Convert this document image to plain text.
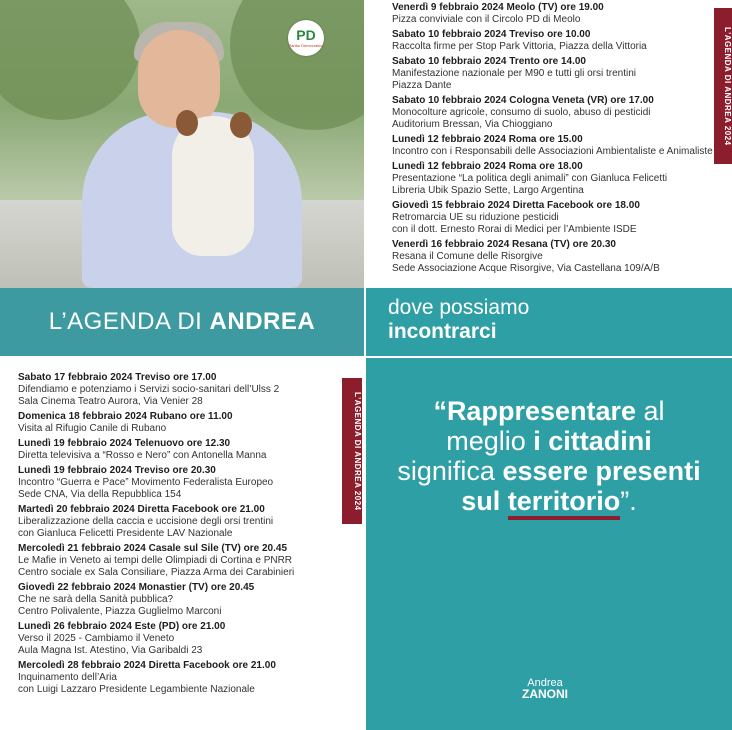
PD
Partito Democratico
L’AGENDA DI ANDREA
Venerdì 9 febbraio 2024 Meolo (TV) ore 19.00
Pizza conviviale con il Circolo PD di Meolo
Sabato 10 febbraio 2024 Treviso ore 10.00
Raccolta firme per Stop Park Vittoria, Piazza della Vittoria
Sabato 10 febbraio 2024 Trento ore 14.00
Manifestazione nazionale per M90 e tutti gli orsi trentini
Piazza Dante
Sabato 10 febbraio 2024 Cologna Veneta (VR) ore 17.00
Monocolture agricole, consumo di suolo, abuso di pesticidi
Auditorium Bressan, Via Chioggiano
Lunedì 12 febbraio 2024 Roma ore 15.00
Incontro con i Responsabili delle Associazioni Ambientaliste e Animaliste
Lunedì 12 febbraio 2024 Roma ore 18.00
Presentazione “La politica degli animali” con Gianluca Felicetti
Libreria Ubik Spazio Sette, Largo Argentina
Giovedì 15 febbraio 2024 Diretta Facebook ore 18.00
Retromarcia UE su riduzione pesticidi
con il dott. Ernesto Rorai di Medici per l’Ambiente ISDE
Venerdì 16 febbraio 2024 Resana (TV) ore 20.30
Resana il Comune delle Risorgive
Sede Associazione Acque Risorgive, Via Castellana 109/A/B
L’AGENDA DI ANDREA 2024
dove possiamo
incontrarci
Sabato 17 febbraio 2024 Treviso ore 17.00
Difendiamo e potenziamo i Servizi socio-sanitari dell’Ulss 2
Sala Cinema Teatro Aurora, Via Venier 28
Domenica 18 febbraio 2024 Rubano ore 11.00
Visita al Rifugio Canile di Rubano
Lunedì 19 febbraio 2024 Telenuovo ore 12.30
Diretta televisiva a “Rosso e Nero” con Antonella Manna
Lunedì 19 febbraio 2024 Treviso ore 20.30
Incontro “Guerra e Pace” Movimento Federalista Europeo
Sede CNA, Via della Repubblica 154
Martedì 20 febbraio 2024 Diretta Facebook ore 21.00
Liberalizzazione della caccia e uccisione degli orsi trentini
con Gianluca Felicetti Presidente LAV Nazionale
Mercoledì 21 febbraio 2024 Casale sul Sile (TV) ore 20.45
Le Mafie in Veneto ai tempi delle Olimpiadi di Cortina e PNRR
Centro sociale ex Sala Consiliare, Piazza Arma dei Carabinieri
Giovedì 22 febbraio 2024 Monastier (TV) ore 20.45
Che ne sarà della Sanità pubblica?
Centro Polivalente, Piazza Guglielmo Marconi
Lunedì 26 febbraio 2024 Este (PD) ore 21.00
Verso il 2025 - Cambiamo il Veneto
Aula Magna Ist. Atestino, Via Garibaldi 23
Mercoledì 28 febbraio 2024 Diretta Facebook ore 21.00
Inquinamento dell’Aria
con Luigi Lazzaro Presidente Legambiente Nazionale
L’AGENDA DI ANDREA 2024	“Rappresentare al meglio i cittadini significa essere presenti sul territorio”.
Andrea
ZANONI
